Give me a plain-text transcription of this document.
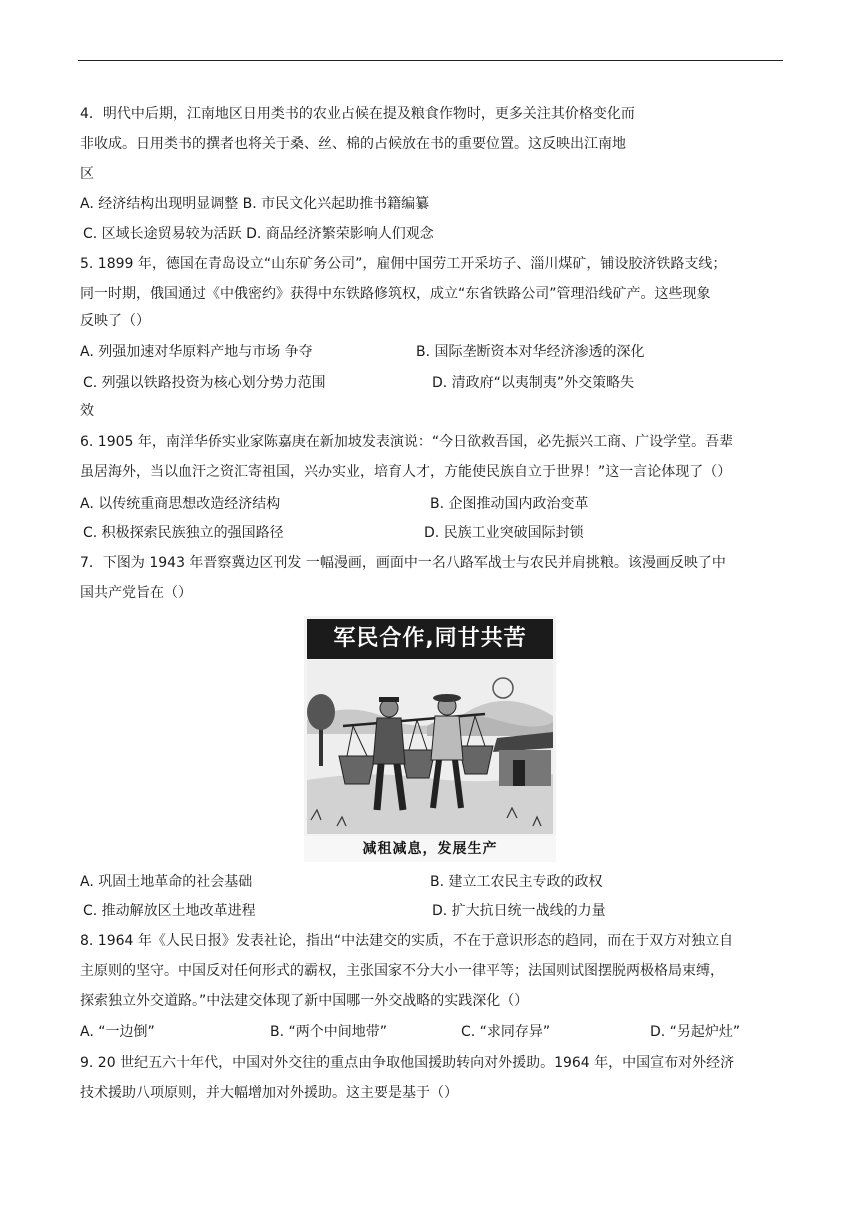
4．明代中后期，江南地区日用类书的农业占候在提及粮食作物时，更多关注其价格变化而
非收成。日用类书的撰者也将关于桑、丝、棉的占候放在书的重要位置。这反映出江南地
区
A. 经济结构出现明显调整 B. 市民文化兴起助推书籍编纂
C. 区域长途贸易较为活跃 D. 商品经济繁荣影响人们观念
5. 1899 年，德国在青岛设立“山东矿务公司”，雇佣中国劳工开采坊子、淄川煤矿，铺设胶济铁路支线；
同一时期，俄国通过《中俄密约》获得中东铁路修筑权，成立“东省铁路公司”管理沿线矿产。这些现象
反映了（）
A. 列强加速对华原料产地与市场 争夺	B. 国际垄断资本对华经济渗透的深化
C. 列强以铁路投资为核心划分势力范围	D. 清政府“以夷制夷”外交策略失
效
6. 1905 年，南洋华侨实业家陈嘉庚在新加坡发表演说：“今日欲救吾国，必先振兴工商、广设学堂。吾辈
虽居海外，当以血汗之资汇寄祖国，兴办实业，培育人才，方能使民族自立于世界！”这一言论体现了（）
A. 以传统重商思想改造经济结构	B. 企图推动国内政治变革
C. 积极探索民族独立的强国路径	D. 民族工业突破国际封锁
7．下图为 1943 年晋察冀边区刊发 一幅漫画，画面中一名八路军战士与农民并肩挑粮。该漫画反映了中
国共产党旨在（）
军民合作,同甘共苦
减租减息，发展生产
A. 巩固土地革命的社会基础	B. 建立工农民主专政的政权
C. 推动解放区土地改革进程	D. 扩大抗日统一战线的力量
8. 1964 年《人民日报》发表社论，指出“中法建交的实质，不在于意识形态的趋同，而在于双方对独立自
主原则的坚守。中国反对任何形式的霸权，主张国家不分大小一律平等；法国则试图摆脱两极格局束缚，
探索独立外交道路。”中法建交体现了新中国哪一外交战略的实践深化（）
A. “一边倒”	B. “两个中间地带”	C. “求同存异”	D. “另起炉灶”
9. 20 世纪五六十年代，中国对外交往的重点由争取他国援助转向对外援助。1964 年，中国宣布对外经济
技术援助八项原则，并大幅增加对外援助。这主要是基于（）
